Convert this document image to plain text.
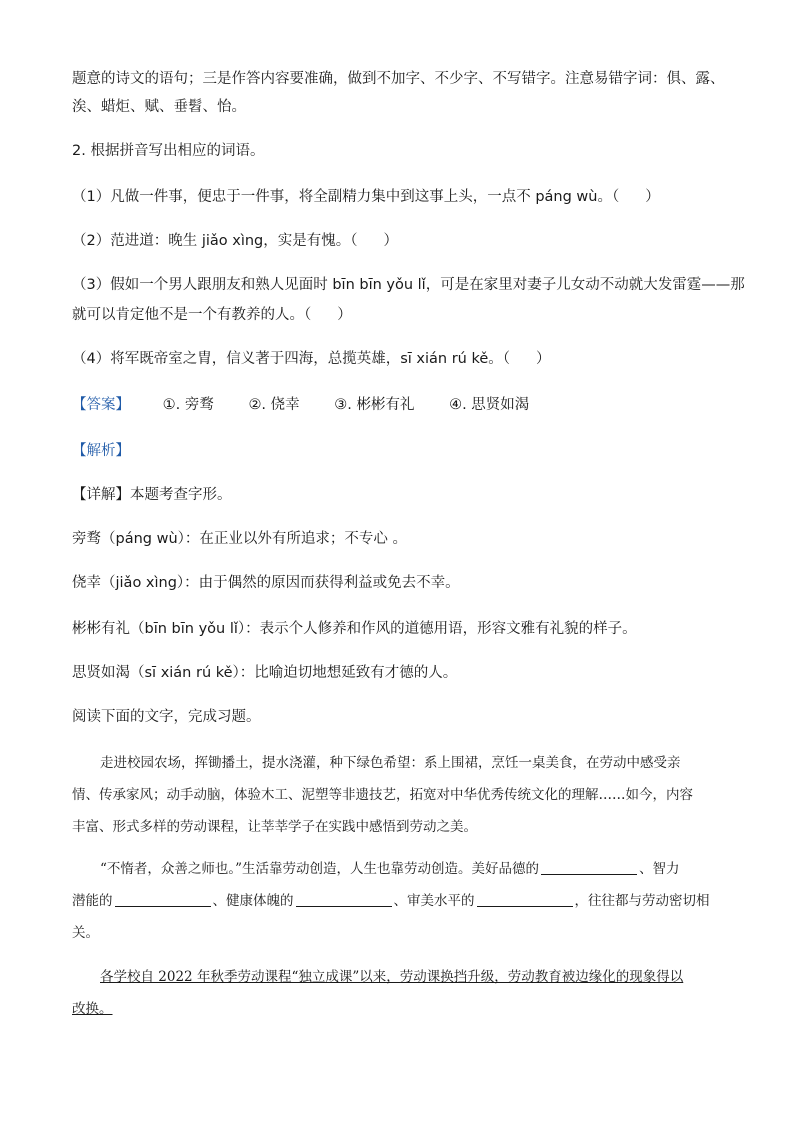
题意的诗文的语句；三是作答内容要准确，做到不加字、不少字、不写错字。注意易错字词：俱、露、
涘、蜡炬、赋、垂髫、怡。
2. 根据拼音写出相应的词语。
（1）凡做一件事，便忠于一件事，将全副精力集中到这事上头，一点不 páng wù。（ ）
（2）范进道：晚生 jiǎo xìng，实是有愧。（ ）
（3）假如一个男人跟朋友和熟人见面时 bīn bīn yǒu lǐ，可是在家里对妻子儿女动不动就大发雷霆——那
就可以肯定他不是一个有教养的人。（ ）
（4）将军既帝室之胄，信义著于四海，总揽英雄，sī xián rú kě。（ ）
【答案】 ①. 旁骛 ②. 侥幸 ③. 彬彬有礼 ④. 思贤如渴
【解析】
【详解】本题考查字形。
旁骛（páng wù）：在正业以外有所追求；不专心 。
侥幸（jiǎo xìng）：由于偶然的原因而获得利益或免去不幸。
彬彬有礼（bīn bīn yǒu lǐ）：表示个人修养和作风的道德用语，形容文雅有礼貌的样子。
思贤如渴（sī xián rú kě）：比喻迫切地想延致有才德的人。
阅读下面的文字，完成习题。
走进校园农场，挥锄播土，提水浇灌，种下绿色希望：系上围裙，烹饪一桌美食，在劳动中感受亲
情、传承家风；动手动脑，体验木工、泥塑等非遗技艺，拓宽对中华优秀传统文化的理解……如今，内容
丰富、形式多样的劳动课程，让莘莘学子在实践中感悟到劳动之美。
“不惰者，众善之师也。”生活靠劳动创造，人生也靠劳动创造。美好品德的	、智力
潜能的	、健康体魄的	、审美水平的	，往往都与劳动密切相
关。
各学校自 2022 年秋季劳动课程“独立成课”以来，劳动课换挡升级，劳动教育被边缘化的现象得以
改换。
